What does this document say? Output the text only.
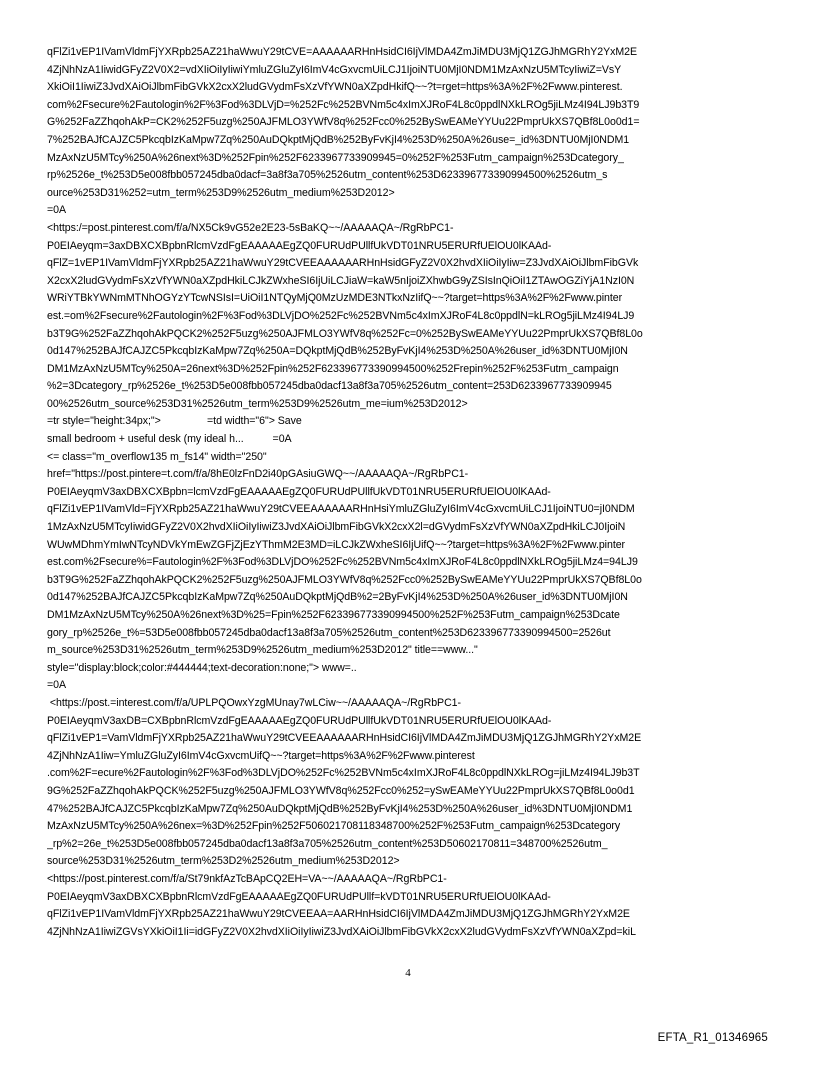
qFlZi1vEP1IVamVldmFjYXRpb25AZ21haWwuY29tCVE=AAAAAARHnHsidCI6IjVlMDA4ZmJiMDU3MjQ1ZGJhMGRhY2YxM2E
4ZjNhNzA1IiwidGFyZ2V0X2=vdXIiOiIyIiwiYmluZGluZyI6ImV4cGxvcmUiLCJ1IjoiNTU0MjI0NDM1MzAxNzU5MTcyIiwiZ=VsY
XkiOiI1IiwiZ3JvdXAiOiJlbmFibGVkX2cxX2ludGVydmFsXzVfYWN0aXZpdHkifQ~~?t=rget=https%3A%2F%2Fwww.pinterest.
com%2Fsecure%2Fautologin%2F%3Fod%3DLVjD=%252Fc%252BVNm5c4xImXJRoF4L8c0ppdlNXkLROg5jiLMz4I94LJ9b3T9
G%252FaZZhqohAkP=CK2%252F5uzg%250AJFMLO3YWfV8q%252Fcc0%252BySwEAMeYYUu22PmprUkXS7QBf8L0o0d1=
7%252BAJfCAJZC5PkcqbIzKaMpw7Zq%250AuDQkptMjQdB%252ByFvKjI4%253D%250A%26use=_id%3DNTU0MjI0NDM1
MzAxNzU5MTcy%250A%26next%3D%252Fpin%252F6233967733909945=0%252F%253Futm_campaign%253Dcategory_
rp%2526e_t%253D5e008fbb057245dba0dacf=3a8f3a705%2526utm_content%253D623396773390994500%2526utm_s
ource%253D31%252=utm_term%253D9%2526utm_medium%253D2012>
=0A
<https:/=post.pinterest.com/f/a/NX5Ck9vG52e2E23-5sBaKQ~~/AAAAAQA~/RgRbPC1-
P0EIAeyqm=3axDBXCXBpbnRlcmVzdFgEAAAAAEgZQ0FURUdPUllfUkVDT01NRU5ERURfUElOU0lKAAd-
qFlZ=1vEP1IVamVldmFjYXRpb25AZ21haWwuY29tCVEEAAAAAARHnHsidGFyZ2V0X2hvdXIiOiIyIiw=Z3JvdXAiOiJlbmFibGVk
X2cxX2ludGVydmFsXzVfYWN0aXZpdHkiLCJkZWxheSI6IjUiLCJiaW=kaW5nIjoiZXhwbG9yZSIsInQiOiI1ZTAwOGZiYjA1NzI0N
WRiYTBkYWNmMTNhOGYzYTcwNSIsI=UiOiI1NTQyMjQ0MzUzMDE3NTkxNzIifQ~~?target=https%3A%2F%2Fwww.pinter
est.=om%2Fsecure%2Fautologin%2F%3Fod%3DLVjDO%252Fc%252BVNm5c4xImXJRoF4L8c0ppdlN=kLROg5jiLMz4I94LJ9
b3T9G%252FaZZhqohAkPQCK2%252F5uzg%250AJFMLO3YWfV8q%252Fc=0%252BySwEAMeYYUu22PmprUkXS7QBf8L0o
0d147%252BAJfCAJZC5PkcqbIzKaMpw7Zq%250A=DQkptMjQdB%252ByFvKjI4%253D%250A%26user_id%3DNTU0MjI0N
DM1MzAxNzU5MTcy%250A=26next%3D%252Fpin%252F623396773390994500%252Frepin%252F%253Futm_campaign
%2=3Dcategory_rp%2526e_t%253D5e008fbb057245dba0dacf13a8f3a705%2526utm_content=253D6233967733909945
00%2526utm_source%253D31%2526utm_term%253D9%2526utm_me=ium%253D2012>
=tr style="height:34px;">                =td width="6"> Save
small bedroom + useful desk (my ideal h...          =0A
<= class="m_overflow135 m_fs14" width="250"
href="https://post.pintere=t.com/f/a/8hE0lzFnD2i40pGAsiuGWQ~~/AAAAAQA~/RgRbPC1-
P0EIAeyqmV3axDBXCXBpbn=lcmVzdFgEAAAAAEgZQ0FURUdPUllfUkVDT01NRU5ERURfUElOU0lKAAd-
qFlZi1vEP1IVamVld=FjYXRpb25AZ21haWwuY29tCVEEAAAAAARHnHsiYmluZGluZyI6ImV4cGxvcmUiLCJ1IjoiNTU0=jI0NDM
1MzAxNzU5MTcyIiwidGFyZ2V0X2hvdXIiOiIyIiwiZ3JvdXAiOiJlbmFibGVkX2cxX2l=dGVydmFsXzVfYWN0aXZpdHkiLCJ0IjoiN
WUwMDhmYmIwNTcyNDVkYmEwZGFjZjEzYThmM2E3MD=iLCJkZWxheSI6IjUifQ~~?target=https%3A%2F%2Fwww.pinter
est.com%2Fsecure%=Fautologin%2F%3Fod%3DLVjDO%252Fc%252BVNm5c4xImXJRoF4L8c0ppdlNXkLROg5jiLMz4=94LJ9
b3T9G%252FaZZhqohAkPQCK2%252F5uzg%250AJFMLO3YWfV8q%252Fcc0%252BySwEAMeYYUu22PmprUkXS7QBf8L0o
0d147%252BAJfCAJZC5PkcqbIzKaMpw7Zq%250AuDQkptMjQdB%2=2ByFvKjI4%253D%250A%26user_id%3DNTU0MjI0N
DM1MzAxNzU5MTcy%250A%26next%3D%25=Fpin%252F623396773390994500%252F%253Futm_campaign%253Dcate
gory_rp%2526e_t%=53D5e008fbb057245dba0dacf13a8f3a705%2526utm_content%253D623396773390994500=2526ut
m_source%253D31%2526utm_term%253D9%2526utm_medium%253D2012" title==www..."
style="display:block;color:#444444;text-decoration:none;"> www=..
=0A
<https://post.=interest.com/f/a/UPLPQOwxYzgMUnay7wLCiw~~/AAAAAQA~/RgRbPC1-
P0EIAeyqmV3axDB=CXBpbnRlcmVzdFgEAAAAAEgZQ0FURUdPUllfUkVDT01NRU5ERURfUElOU0lKAAd-
qFlZi1vEP1=VamVldmFjYXRpb25AZ21haWwuY29tCVEEAAAAAARHnHsidCI6IjVlMDA4ZmJiMDU3MjQ1ZGJhMGRhY2YxM2E
4ZjNhNzA1Iiw=YmluZGluZyI6ImV4cGxvcmUifQ~~?target=https%3A%2F%2Fwww.pinterest
.com%2F=ecure%2Fautologin%2F%3Fod%3DLVjDO%252Fc%252BVNm5c4xImXJRoF4L8c0ppdlNXkLROg=jiLMz4I94LJ9b3T
9G%252FaZZhqohAkPQCK%252F5uzg%250AJFMLO3YWfV8q%252Fcc0%252=ySwEAMeYYUu22PmprUkXS7QBf8L0o0d1
47%252BAJfCAJZC5PkcqbIzKaMpw7Zq%250AuDQkptMjQdB%252ByFvKjI4%253D%250A%26user_id%3DNTU0MjI0NDM1
MzAxNzU5MTcy%250A%26nex=%3D%252Fpin%252F506021708118348700%252F%253Futm_campaign%253Dcategory
_rp%2=26e_t%253D5e008fbb057245dba0dacf13a8f3a705%2526utm_content%253D50602170811=348700%2526utm_
source%253D31%2526utm_term%253D2%2526utm_medium%253D2012>
<https://post.pinterest.com/f/a/St79nkfAzTcBApCQ2EH=VA~~/AAAAAQA~/RgRbPC1-
P0EIAeyqmV3axDBXCXBpbnRlcmVzdFgEAAAAAEgZQ0FURUdPUllf=kVDT01NRU5ERURfUElOU0lKAAd-
qFlZi1vEP1IVamVldmFjYXRpb25AZ21haWwuY29tCVEEAA=AARHnHsidCI6IjVlMDA4ZmJiMDU3MjQ1ZGJhMGRhY2YxM2E
4ZjNhNzA1IiwiZGVsYXkiOiI1Ii=idGFyZ2V0X2hvdXIiOiIyIiwiZ3JvdXAiOiJlbmFibGVkX2cxX2ludGVydmFsXzVfYWN0aXZpd=kiL
4
EFTA_R1_01346965
